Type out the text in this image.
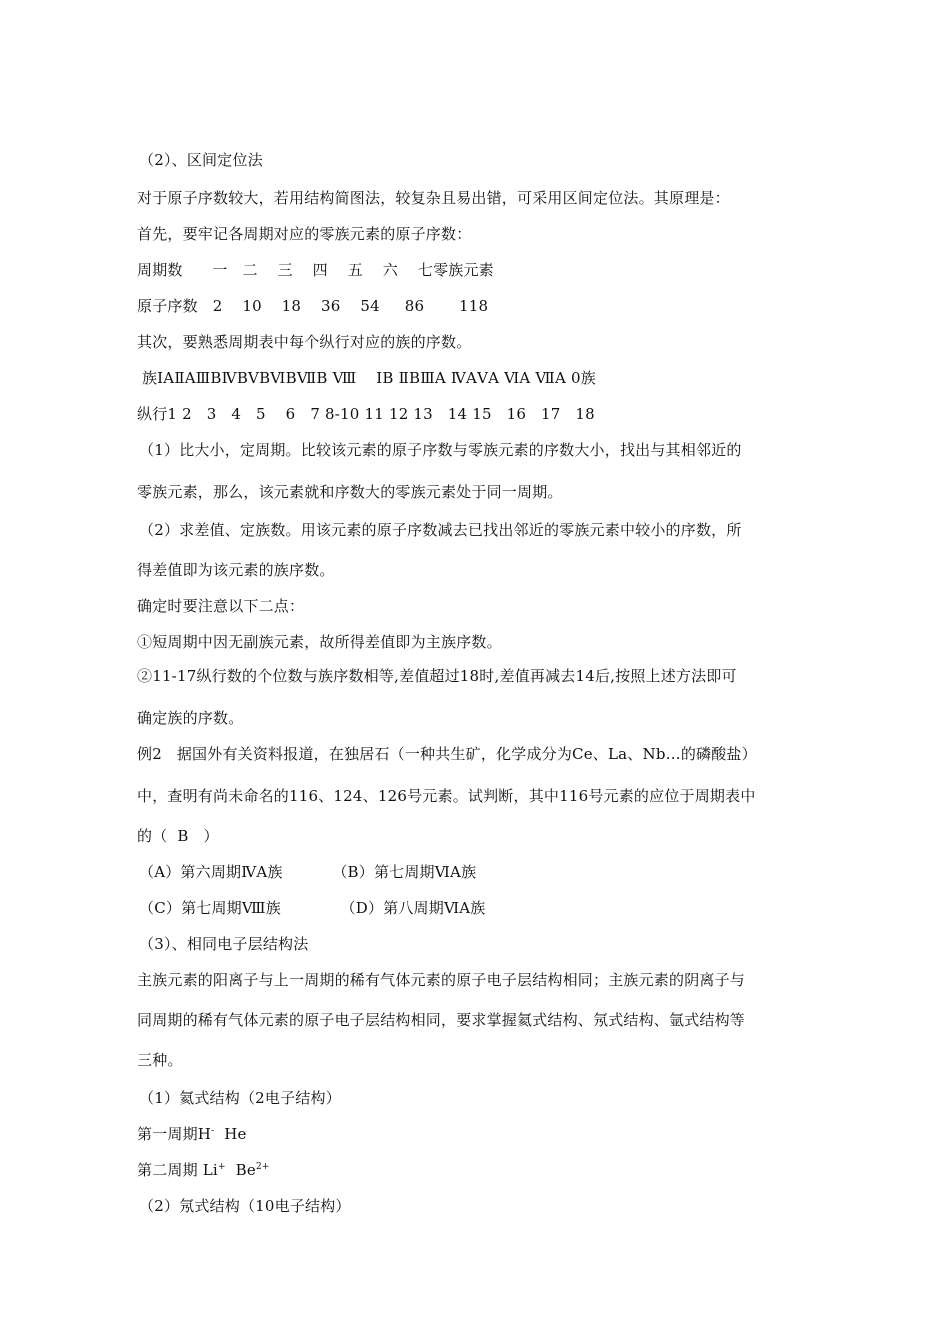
（2）、区间定位法
对于原子序数较大，若用结构简图法，较复杂且易出错，可采用区间定位法。其原理是：
首先，要牢记各周期对应的零族元素的原子序数：
周期数      一   二    三    四    五    六    七零族元素
原子序数   2    10    18    36    54     86       118
其次，要熟悉周期表中每个纵行对应的族的序数。
族ⅠAⅡAⅢBⅣBⅤBⅥBⅦB Ⅷ    ⅠB ⅡBⅢA ⅣAⅤA ⅥA ⅦA 0族
纵行1 2   3   4   5    6   7 8-10 11 12 13   14 15   16   17   18
（1）比大小，定周期。比较该元素的原子序数与零族元素的序数大小，找出与其相邻近的
零族元素，那么，该元素就和序数大的零族元素处于同一周期。
（2）求差值、定族数。用该元素的原子序数减去已找出邻近的零族元素中较小的序数，所
得差值即为该元素的族序数。
确定时要注意以下二点：
①短周期中因无副族元素，故所得差值即为主族序数。
②11-17纵行数的个位数与族序数相等,差值超过18时,差值再减去14后,按照上述方法即可
确定族的序数。
例2   据国外有关资料报道，在独居石（一种共生矿，化学成分为Ce、La、Nb…的磷酸盐）
中，查明有尚未命名的116、124、126号元素。试判断，其中116号元素的应位于周期表中
的（  B   ）
（A）第六周期ⅣA族          （B）第七周期ⅥA族
（C）第七周期Ⅷ族            （D）第八周期ⅥA族
（3）、相同电子层结构法
主族元素的阳离子与上一周期的稀有气体元素的原子电子层结构相同；主族元素的阴离子与
同周期的稀有气体元素的原子电子层结构相同，要求掌握氦式结构、氖式结构、氩式结构等
三种。
（1）氦式结构（2电子结构）
第一周期H-  He
第二周期 Li+  $Be^{2+}$
（2）氖式结构（10电子结构）
